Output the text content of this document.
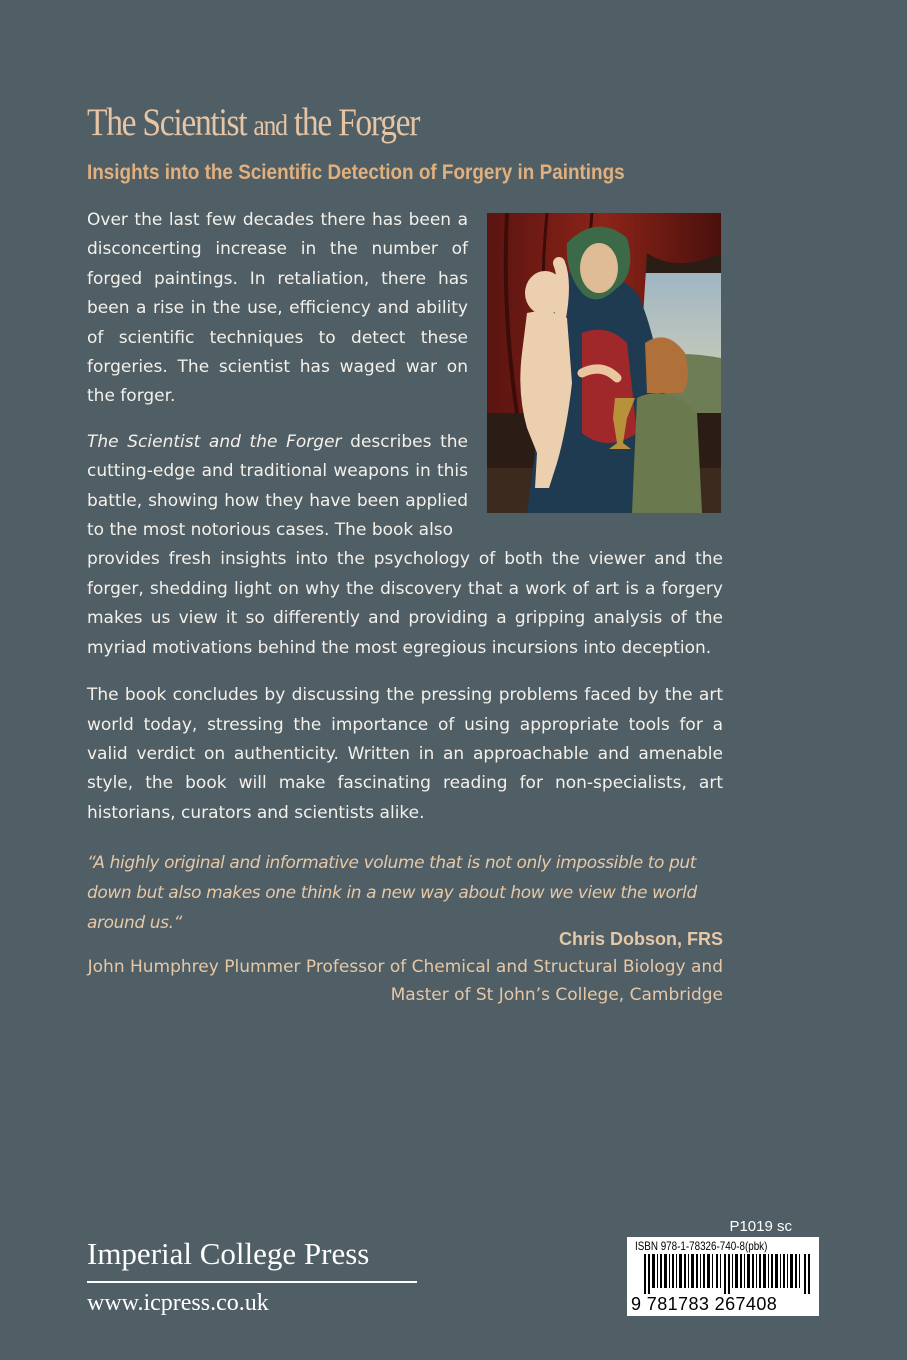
The Scientist and the Forger
Insights into the Scientific Detection of Forgery in Paintings

Over the last few decades there has been a disconcerting increase in the number of forged paintings. In retaliation, there has been a rise in the use, efficiency and ability of scientific techniques to detect these forgeries. The scientist has waged war on the forger.

The Scientist and the Forger describes the cutting-edge and traditional weapons in this battle, showing how they have been applied to the most notorious cases. The book also
provides fresh insights into the psychology of both the viewer and the forger, shedding light on why the discovery that a work of art is a forgery makes us view it so differently and providing a gripping analysis of the myriad motivations behind the most egregious incursions into deception.

The book concludes by discussing the pressing problems faced by the art world today, stressing the importance of using appropriate tools for a valid verdict on authenticity. Written in an approachable and amenable style, the book will make fascinating reading for non-specialists, art historians, curators and scientists alike.

“A highly original and informative volume that is not only impossible to put down but also makes one think in a new way about how we view the world around us.“
Chris Dobson, FRS
John Humphrey Plummer Professor of Chemical and Structural Biology and Master of St John’s College, Cambridge
Imperial College Press
www.icpress.co.uk
P1019 sc
ISBN 978-1-78326-740-8(pbk)
9 781783 267408
